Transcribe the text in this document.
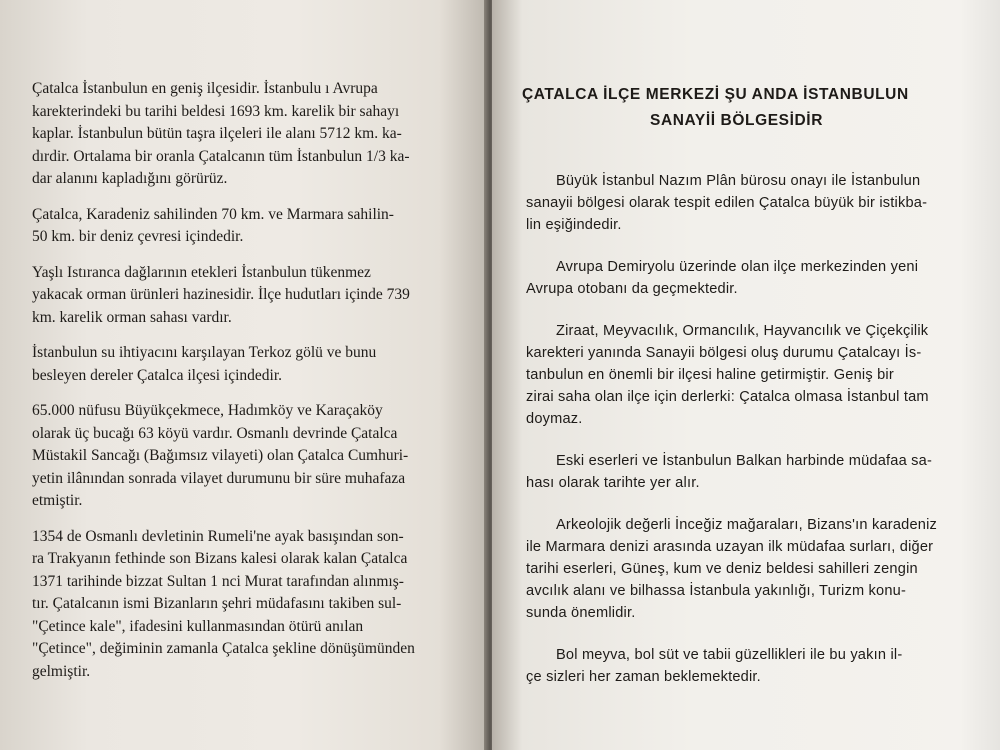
Çatalca İstanbulun en geniş ilçesidir. İstanbulu ı Avrupa
karekterindeki bu tarihi beldesi 1693 km. karelik bir sahayı
kaplar. İstanbulun bütün taşra ilçeleri ile alanı 5712 km. ka-
dırdir. Ortalama bir oranla Çatalcanın tüm İstanbulun 1/3 ka-
dar alanını kapladığını görürüz.

Çatalca, Karadeniz sahilinden 70 km. ve Marmara sahilin-
50 km. bir deniz çevresi içindedir.

Yaşlı Istıranca dağlarının etekleri İstanbulun tükenmez
yakacak orman ürünleri hazinesidir. İlçe hudutları içinde 739
km. karelik orman sahası vardır.

İstanbulun su ihtiyacını karşılayan Terkoz gölü ve bunu
besleyen dereler Çatalca ilçesi içindedir.

65.000 nüfusu Büyükçekmece, Hadımköy ve Karaçaköy
olarak üç bucağı 63 köyü vardır. Osmanlı devrinde Çatalca
Müstakil Sancağı (Bağımsız vilayeti) olan Çatalca Cumhuri-
yetin ilânından sonrada vilayet durumunu bir süre muhafaza
etmiştir.

1354 de Osmanlı devletinin Rumeli'ne ayak basışından son-
ra Trakyanın fethinde son Bizans kalesi olarak kalan Çatalca
1371 tarihinde bizzat Sultan 1 nci Murat tarafından alınmış-
tır. Çatalcanın ismi Bizanların şehri müdafasını takiben sul-
"Çetince kale", ifadesini kullanmasından ötürü anılan
"Çetince", değiminin zamanla Çatalca şekline dönüşümünden
gelmiştir.

ÇATALCA İLÇE MERKEZİ ŞU ANDA İSTANBULUN
SANAYİİ BÖLGESİDİR

Büyük İstanbul Nazım Plân bürosu onayı ile İstanbulun
sanayii bölgesi olarak tespit edilen Çatalca büyük bir istikba-
lin eşiğindedir.

Avrupa Demiryolu üzerinde olan ilçe merkezinden yeni
Avrupa otobanı da geçmektedir.

Ziraat, Meyvacılık, Ormancılık, Hayvancılık ve Çiçekçilik
karekteri yanında Sanayii bölgesi oluş durumu Çatalcayı İs-
tanbulun en önemli bir ilçesi haline getirmiştir. Geniş bir
zirai saha olan ilçe için derlerki: Çatalca olmasa İstanbul tam
doymaz.

Eski eserleri ve İstanbulun Balkan harbinde müdafaa sa-
hası olarak tarihte yer alır.

Arkeolojik değerli İnceğiz mağaraları, Bizans'ın karadeniz
ile Marmara denizi arasında uzayan ilk müdafaa surları, diğer
tarihi eserleri, Güneş, kum ve deniz beldesi sahilleri zengin
avcılık alanı ve bilhassa İstanbula yakınlığı, Turizm konu-
sunda önemlidir.

Bol meyva, bol süt ve tabii güzellikleri ile bu yakın il-
çe sizleri her zaman beklemektedir.
